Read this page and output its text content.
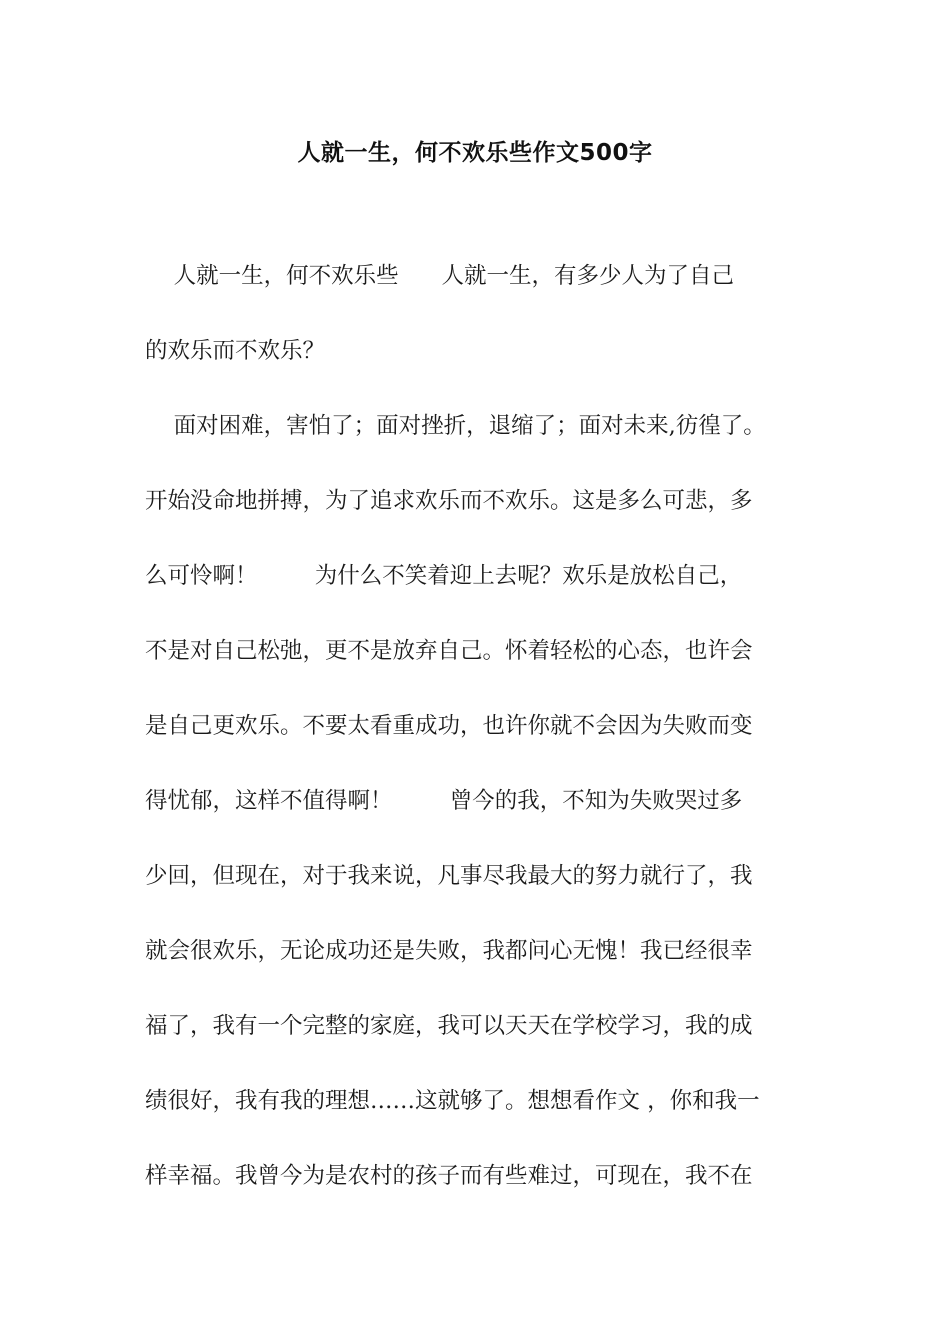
人就一生，何不欢乐些作文500字
人就一生，何不欢乐些      人就一生，有多少人为了自己
的欢乐而不欢乐？
面对困难，害怕了；面对挫折，退缩了；面对未来,彷徨了。
开始没命地拼搏，为了追求欢乐而不欢乐。这是多么可悲，多
么可怜啊！        为什么不笑着迎上去呢？欢乐是放松自己，
不是对自己松弛，更不是放弃自己。怀着轻松的心态，也许会
是自己更欢乐。不要太看重成功，也许你就不会因为失败而变
得忧郁，这样不值得啊！        曾今的我，不知为失败哭过多
少回，但现在，对于我来说，凡事尽我最大的努力就行了，我
就会很欢乐，无论成功还是失败，我都问心无愧！我已经很幸
福了，我有一个完整的家庭，我可以天天在学校学习，我的成
绩很好，我有我的理想……这就够了。想想看作文 ，你和我一
样幸福。我曾今为是农村的孩子而有些难过，可现在，我不在
